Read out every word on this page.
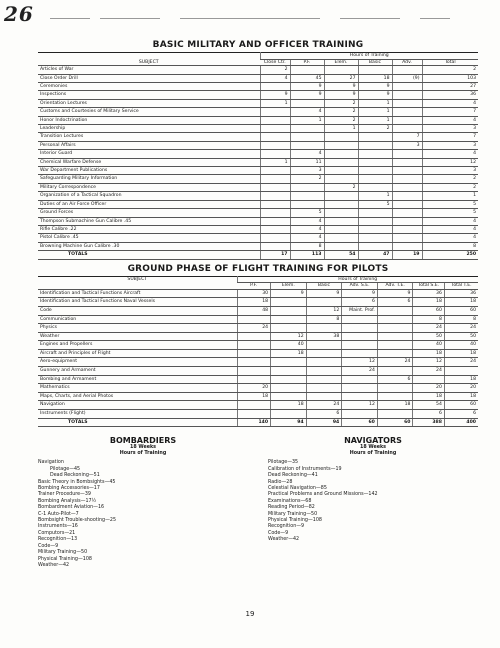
26
BASIC MILITARY AND OFFICER TRAINING
SUBJECT	Hours of Training					
	Close Ctr.	P.F.	Elem.	Basic	Adv.	Total
Articles of War	2					2
Close Order Drill	4	45	27	18	(9)	103
Ceremonies		9	9	9		27
Inspections	9	9	9	9		36
Orientation Lectures	1		2	1		4
Customs and Courtesies of Military Service		4	2	1		7
Honor Indoctrination		1	2	1		4
Leadership			1	2		3
Transition Lectures					7	7
Personal Affairs					3	3
Interior Guard		4				4
Chemical Warfare Defense	1	11				12
War Department Publications		3				3
Safeguarding Military Information		2				2
Military Correspondence			2			2
Organization of a Tactical Squadron				1		1
Duties of an Air Force Officer				5		5
Ground Forces		5				5
Thompson Submachine Gun Calibre .45		4				4
Rifle Calibre .22		4				4
Pistol Calibre .45		4				4
Browning Machine Gun Calibre .30		8				8
TOTALS	17	113	54	47	19	250
GROUND PHASE OF FLIGHT TRAINING FOR PILOTS
SUBJECT	Hours of Training						
	P.F.	Elem.	Basic	Adv. S.E.	Adv. T.E.	Total S.E.	Total T.E.
Identification and Tactical Functions Aircraft	30	9	9	9	9	36	36
Identification and Tactical Functions Naval Vessels	18			6	6	18	18
Code	48		12	Maint. Prof.		60	60
Communication			8			8	8
Physics	24					24	24
Weather		12	38			50	50
Engines and Propellers		40				40	40
Aircraft and Principles of Flight		18				18	18
Aero-equipment				12	24	12	24
Gunnery and Armament				24		24	
Bombing and Armament					6		18
Mathematics	20					20	20
Maps, Charts, and Aerial Photos	18					18	18
Navigation		18	24	12	18	54	60
Instruments (Flight)			6			6	6
TOTALS	140	94	94	60	60	388	400
BOMBARDIERS
18 Weeks
Hours of Training
Navigation
Pilotage—45
Dead Reckoning—51
Basic Theory in Bombsights—45
Bombing Accessories—17
Trainer Procedure—39
Bombing Analysis—17½
Bombardment Aviation—16
C-1 Auto-Pilot—7
Bombsight Trouble-shooting—25
Instruments—16
Computors—21
Recognition—13
Code—9
Military Training—50
Physical Training—108
Weather—42
NAVIGATORS
18 Weeks
Hours of Training
Pilotage—35
Calibration of Instruments—19
Dead Reckoning—41
Radio—28
Celestial Navigation—85
Practical Problems and Ground Missions—142
Examinations—68
Reading Period—82
Military Training—50
Physical Training—108
Recognition—9
Code—9
Weather—42
19
